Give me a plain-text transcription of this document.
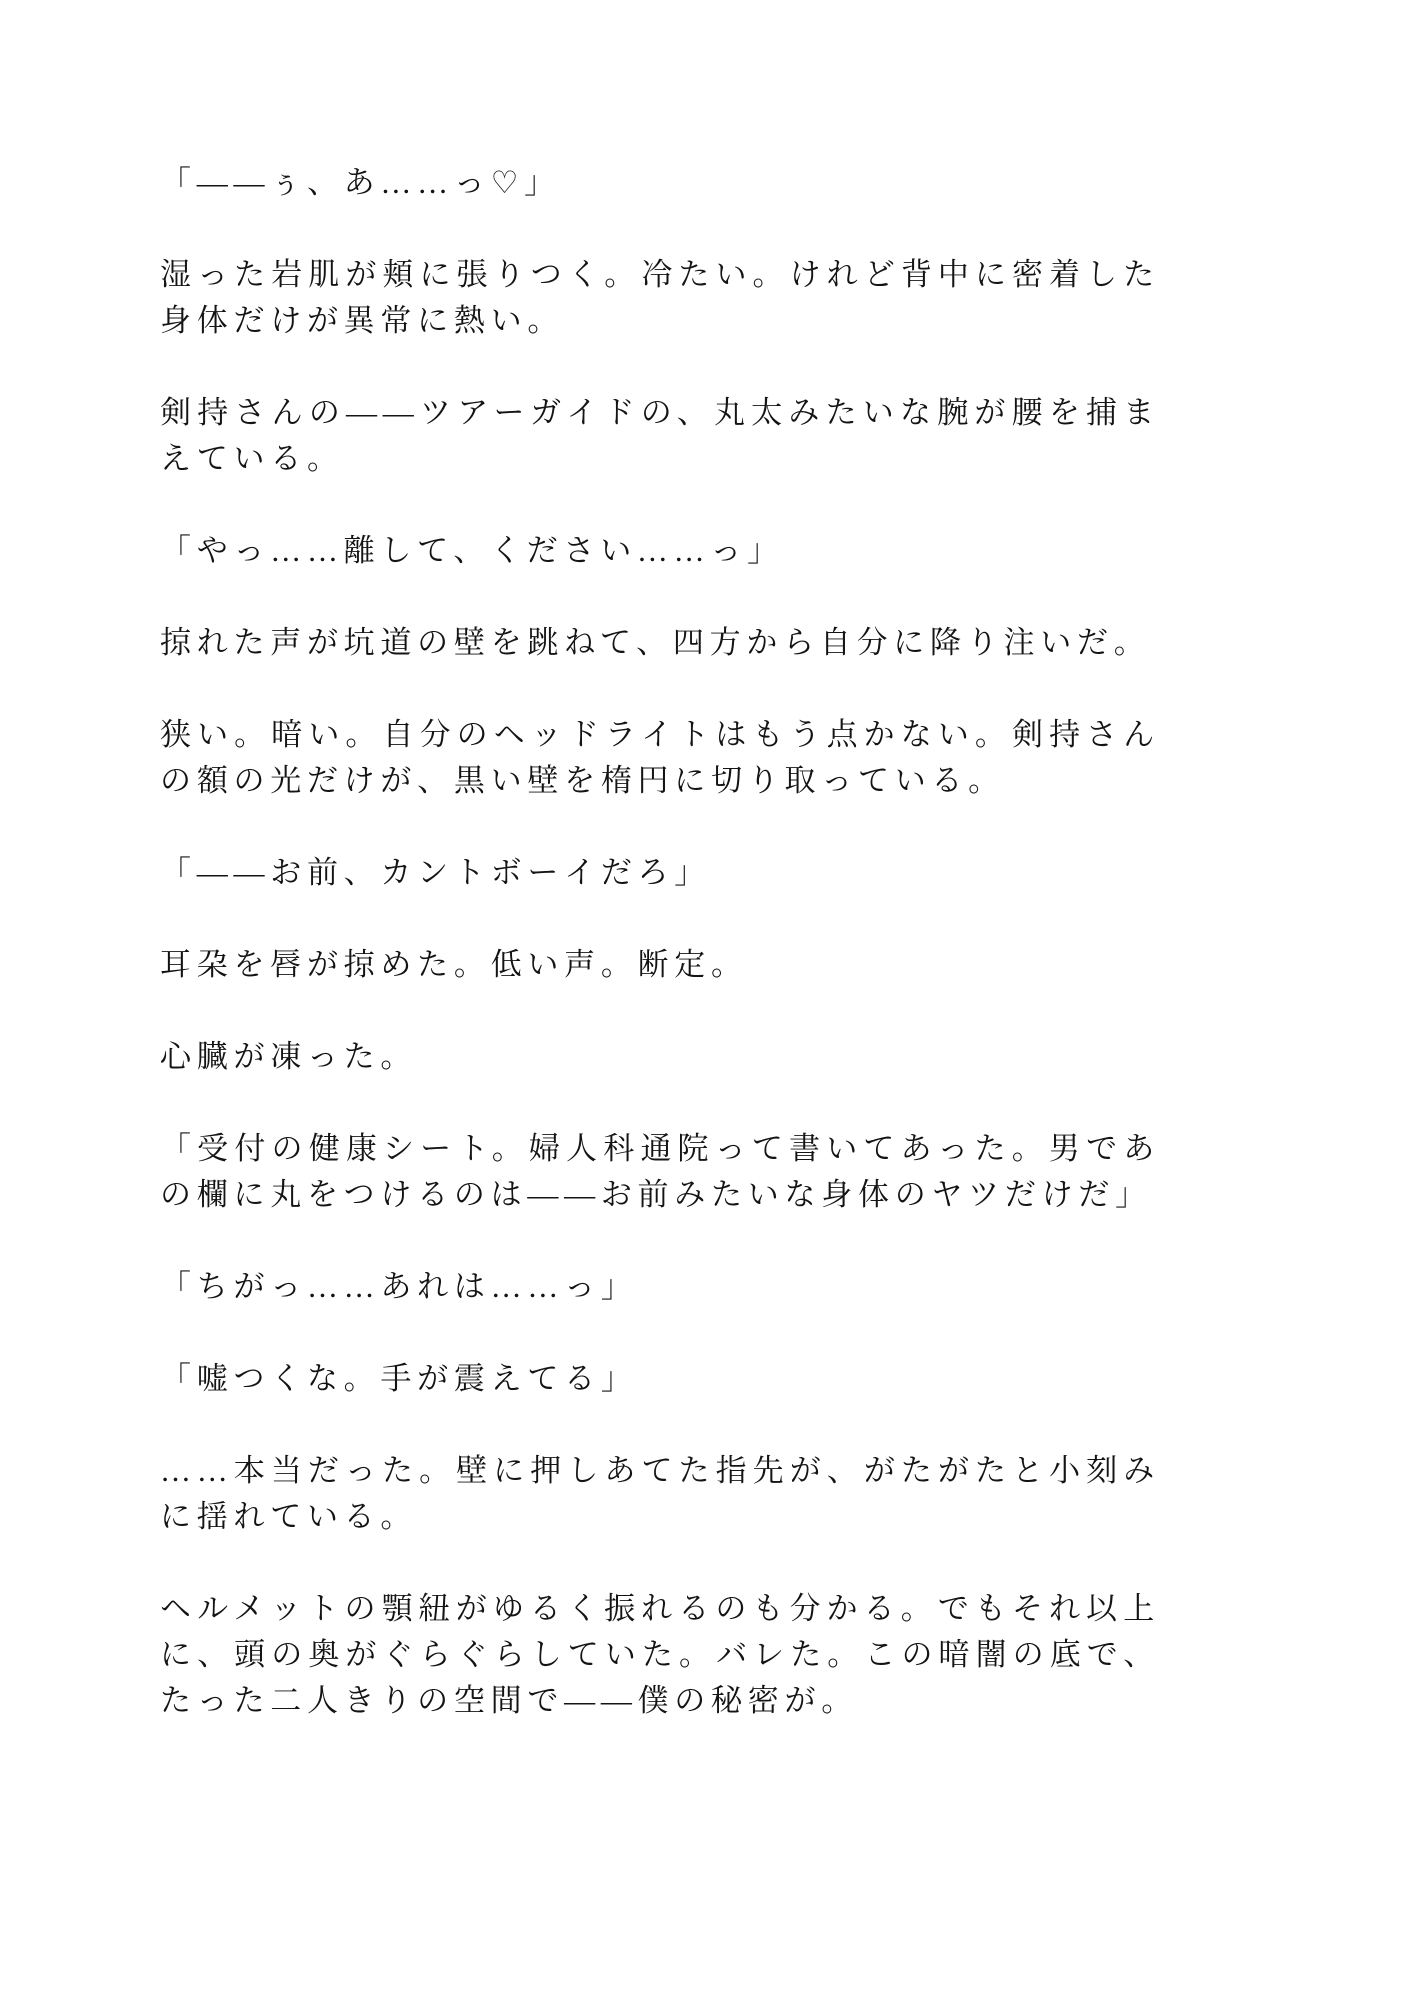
「——ぅ、あ……っ♡」

湿った岩肌が頬に張りつく。冷たい。けれど背中に密着した身体だけが異常に熱い。

剣持さんの——ツアーガイドの、丸太みたいな腕が腰を捕まえている。

「やっ……離して、ください……っ」

掠れた声が坑道の壁を跳ねて、四方から自分に降り注いだ。

狭い。暗い。自分のヘッドライトはもう点かない。剣持さんの額の光だけが、黒い壁を楕円に切り取っている。

「——お前、カントボーイだろ」

耳朶を唇が掠めた。低い声。断定。

心臓が凍った。

「受付の健康シート。婦人科通院って書いてあった。男であの欄に丸をつけるのは——お前みたいな身体のヤツだけだ」

「ちがっ……あれは……っ」

「嘘つくな。手が震えてる」

……本当だった。壁に押しあてた指先が、がたがたと小刻みに揺れている。

ヘルメットの顎紐がゆるく振れるのも分かる。でもそれ以上に、頭の奥がぐらぐらしていた。バレた。この暗闇の底で、たった二人きりの空間で——僕の秘密が。
